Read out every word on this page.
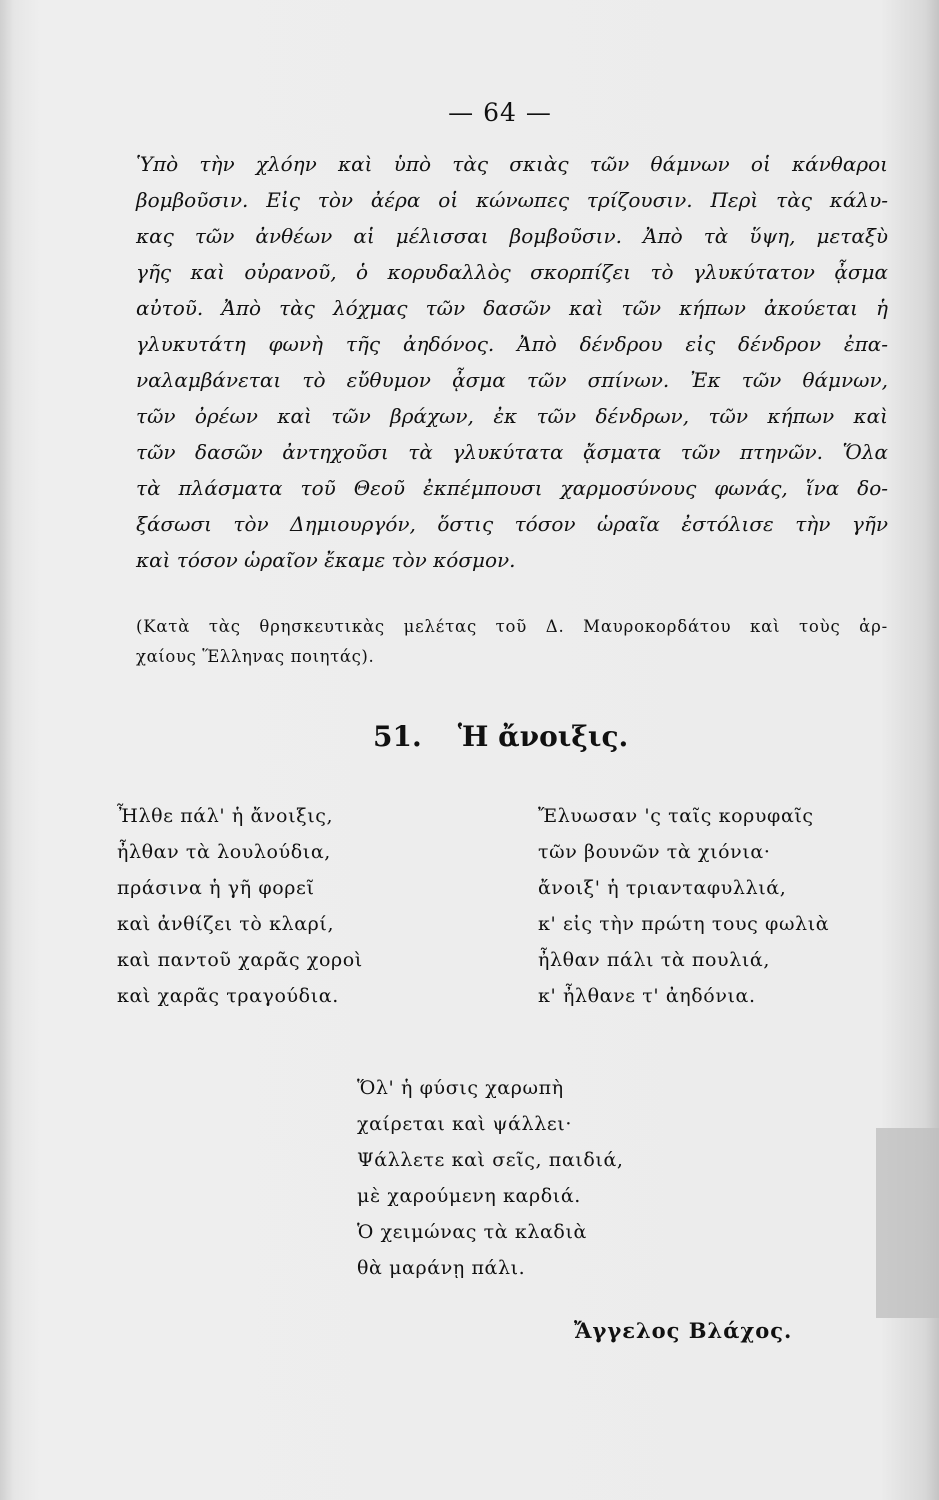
— 64 —
Ὑπὸ τὴν χλόην καὶ ὑπὸ τὰς σκιὰς τῶν θάμνων οἱ κάνθαροι
βομβοῦσιν. Εἰς τὸν ἀέρα οἱ κώνωπες τρίζουσιν. Περὶ τὰς κάλυ-
κας τῶν ἀνθέων αἱ μέλισσαι βομβοῦσιν. Ἀπὸ τὰ ὕψη, μεταξὺ
γῆς καὶ οὐρανοῦ, ὁ κορυδαλλὸς σκορπίζει τὸ γλυκύτατον ᾆσμα
αὐτοῦ. Ἀπὸ τὰς λόχμας τῶν δασῶν καὶ τῶν κήπων ἀκούεται ἡ
γλυκυτάτη φωνὴ τῆς ἀηδόνος. Ἀπὸ δένδρου εἰς δένδρον ἐπα-
ναλαμβάνεται τὸ εὔθυμον ᾆσμα τῶν σπίνων. Ἐκ τῶν θάμνων,
τῶν ὀρέων καὶ τῶν βράχων, ἐκ τῶν δένδρων, τῶν κήπων καὶ
τῶν δασῶν ἀντηχοῦσι τὰ γλυκύτατα ᾄσματα τῶν πτηνῶν. Ὅλα
τὰ πλάσματα τοῦ Θεοῦ ἐκπέμπουσι χαρμοσύνους φωνάς, ἵνα δο-
ξάσωσι τὸν Δημιουργόν, ὅστις τόσον ὡραῖα ἐστόλισε τὴν γῆν
καὶ τόσον ὡραῖον ἔκαμε τὸν κόσμον.
(Κατὰ τὰς θρησκευτικὰς μελέτας τοῦ Δ. Μαυροκορδάτου καὶ τοὺς ἀρ-
χαίους Ἕλληνας ποιητάς).
51. Ἡ ἄνοιξις.
Ἦλθε πάλ' ἡ ἄνοιξις,
ἦλθαν τὰ λουλούδια,
πράσινα ἡ γῆ φορεῖ
καὶ ἀνθίζει τὸ κλαρί,
καὶ παντοῦ χαρᾶς χοροὶ
καὶ χαρᾶς τραγούδια.
Ἔλυωσαν 'ς ταῖς κορυφαῖς
τῶν βουνῶν τὰ χιόνια·
ἄνοιξ' ἡ τριανταφυλλιά,
κ' εἰς τὴν πρώτη τους φωλιὰ
ἦλθαν πάλι τὰ πουλιά,
κ' ἦλθανε τ' ἀηδόνια.
Ὅλ' ἡ φύσις χαρωπὴ
χαίρεται καὶ ψάλλει·
Ψάλλετε καὶ σεῖς, παιδιά,
μὲ χαρούμενη καρδιά.
Ὁ χειμώνας τὰ κλαδιὰ
θὰ μαράνῃ πάλι.
Ἄγγελος Βλάχος.
